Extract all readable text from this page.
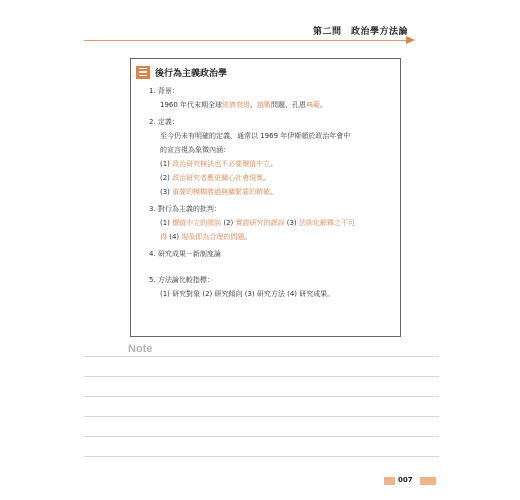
第二問　政治學方法論
後行為主義政治學
1. 背景：
1960 年代末期全球經濟衰退、越戰問題、孔恩典範。
2. 定義：
至今仍未有明確的定義，通常以 1969 年伊斯頓於政治年會中
的宣言視為象徵內涵：
(1) 政治研究無法也不必要價值中立。
(2) 政治研究者應更關心社會現實。
(3) 重要的模糊勝過無關緊要的精確。
3. 對行為主義的批判：
(1) 價值中立的謬誤 (2) 實證研究的謬誤 (3) 法則化解釋之不可
得 (4) 現象即為合理的問題。
4. 研究成果－新制度論
5. 方法論比較指標：
(1) 研究對象 (2) 研究傾向 (3) 研究方法 (4) 研究成果。
Note
007
